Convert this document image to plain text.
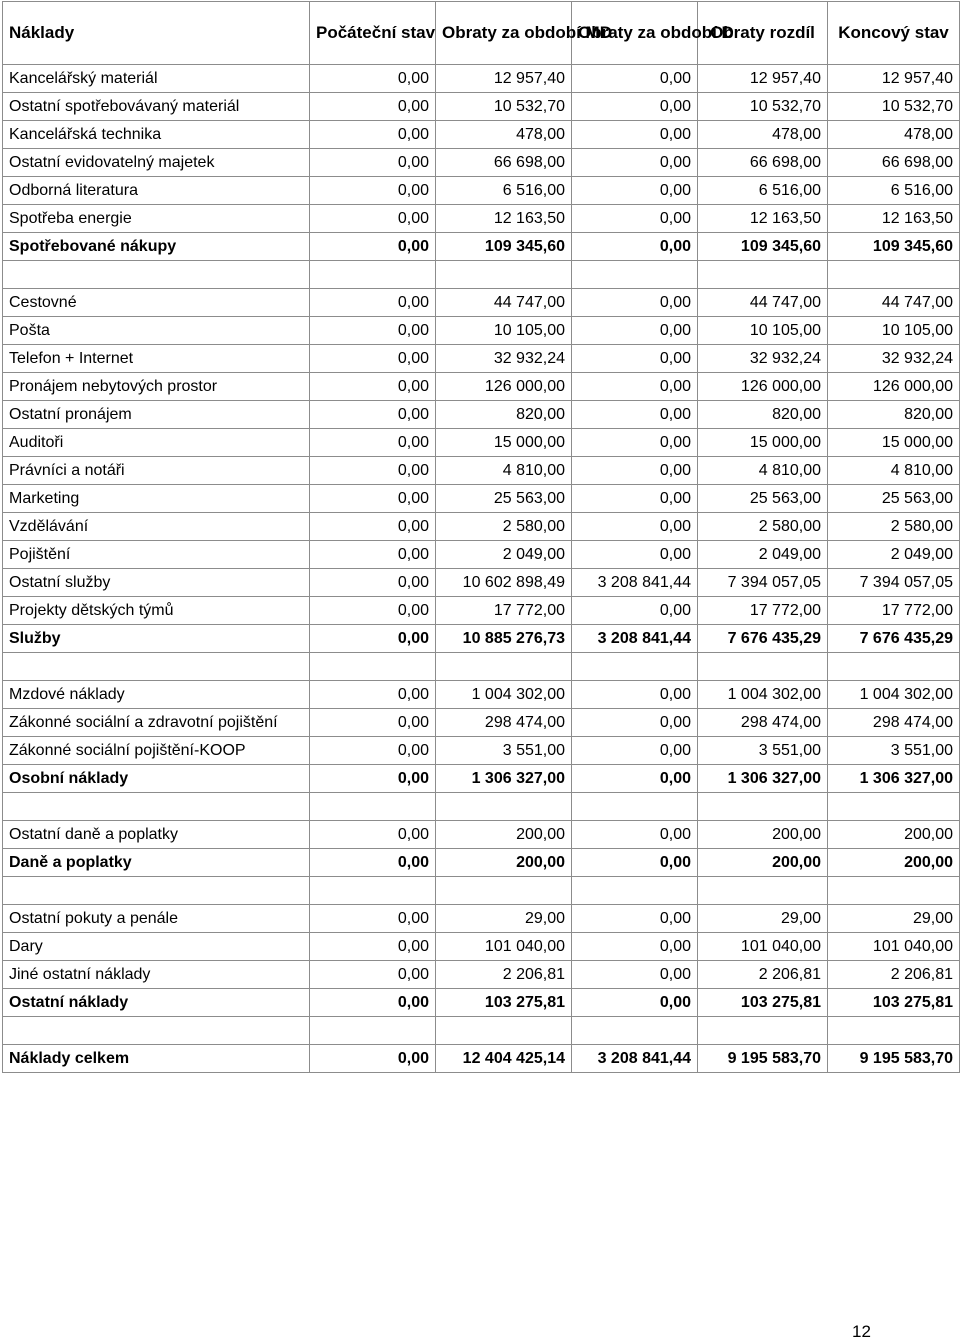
Náklady	Počáteční stav	Obraty za období MD	Obraty za období D	Obraty rozdíl	Koncový stav
Kancelářský materiál	0,00	12 957,40	0,00	12 957,40	12 957,40
Ostatní spotřebovávaný materiál	0,00	10 532,70	0,00	10 532,70	10 532,70
Kancelářská technika	0,00	478,00	0,00	478,00	478,00
Ostatní evidovatelný majetek	0,00	66 698,00	0,00	66 698,00	66 698,00
Odborná literatura	0,00	6 516,00	0,00	6 516,00	6 516,00
Spotřeba energie	0,00	12 163,50	0,00	12 163,50	12 163,50
Spotřebované nákupy	0,00	109 345,60	0,00	109 345,60	109 345,60

Cestovné	0,00	44 747,00	0,00	44 747,00	44 747,00
Pošta	0,00	10 105,00	0,00	10 105,00	10 105,00
Telefon + Internet	0,00	32 932,24	0,00	32 932,24	32 932,24
Pronájem nebytových prostor	0,00	126 000,00	0,00	126 000,00	126 000,00
Ostatní pronájem	0,00	820,00	0,00	820,00	820,00
Auditoři	0,00	15 000,00	0,00	15 000,00	15 000,00
Právníci a notáři	0,00	4 810,00	0,00	4 810,00	4 810,00
Marketing	0,00	25 563,00	0,00	25 563,00	25 563,00
Vzdělávání	0,00	2 580,00	0,00	2 580,00	2 580,00
Pojištění	0,00	2 049,00	0,00	2 049,00	2 049,00
Ostatní služby	0,00	10 602 898,49	3 208 841,44	7 394 057,05	7 394 057,05
Projekty dětských týmů	0,00	17 772,00	0,00	17 772,00	17 772,00
Služby	0,00	10 885 276,73	3 208 841,44	7 676 435,29	7 676 435,29

Mzdové náklady	0,00	1 004 302,00	0,00	1 004 302,00	1 004 302,00
Zákonné sociální a zdravotní pojištění	0,00	298 474,00	0,00	298 474,00	298 474,00
Zákonné sociální pojištění-KOOP	0,00	3 551,00	0,00	3 551,00	3 551,00
Osobní náklady	0,00	1 306 327,00	0,00	1 306 327,00	1 306 327,00

Ostatní daně a poplatky	0,00	200,00	0,00	200,00	200,00
Daně a poplatky	0,00	200,00	0,00	200,00	200,00

Ostatní pokuty a penále	0,00	29,00	0,00	29,00	29,00
Dary	0,00	101 040,00	0,00	101 040,00	101 040,00
Jiné ostatní náklady	0,00	2 206,81	0,00	2 206,81	2 206,81
Ostatní náklady	0,00	103 275,81	0,00	103 275,81	103 275,81

Náklady celkem	0,00	12 404 425,14	3 208 841,44	9 195 583,70	9 195 583,70
12
